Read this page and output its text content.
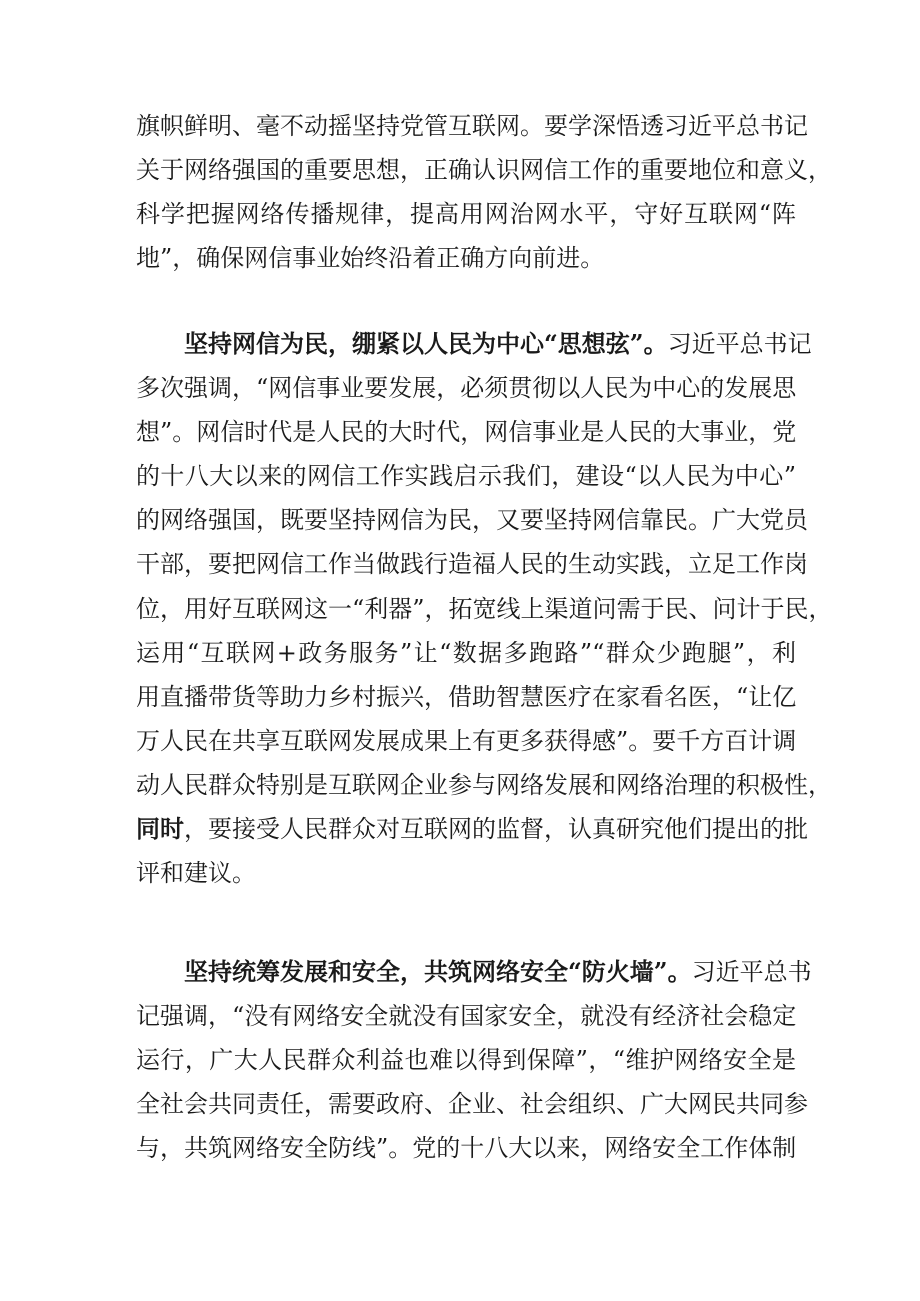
旗帜鲜明、毫不动摇坚持党管互联网。要学深悟透习近平总书记
关于网络强国的重要思想，正确认识网信工作的重要地位和意义，
科学把握网络传播规律，提高用网治网水平，守好互联网“阵
地”，确保网信事业始终沿着正确方向前进。
　　坚持网信为民，绷紧以人民为中心“思想弦”。习近平总书记
多次强调，“网信事业要发展，必须贯彻以人民为中心的发展思
想”。网信时代是人民的大时代，网信事业是人民的大事业，党
的十八大以来的网信工作实践启示我们，建设“以人民为中心”
的网络强国，既要坚持网信为民，又要坚持网信靠民。广大党员
干部，要把网信工作当做践行造福人民的生动实践，立足工作岗
位，用好互联网这一“利器”，拓宽线上渠道问需于民、问计于民，
运用“互联网+政务服务”让“数据多跑路”“群众少跑腿”，利
用直播带货等助力乡村振兴，借助智慧医疗在家看名医，“让亿
万人民在共享互联网发展成果上有更多获得感”。要千方百计调
动人民群众特别是互联网企业参与网络发展和网络治理的积极性，
同时，要接受人民群众对互联网的监督，认真研究他们提出的批
评和建议。
　　坚持统筹发展和安全，共筑网络安全“防火墙”。习近平总书
记强调，“没有网络安全就没有国家安全，就没有经济社会稳定
运行，广大人民群众利益也难以得到保障”，“维护网络安全是
全社会共同责任，需要政府、企业、社会组织、广大网民共同参
与，共筑网络安全防线”。党的十八大以来，网络安全工作体制
